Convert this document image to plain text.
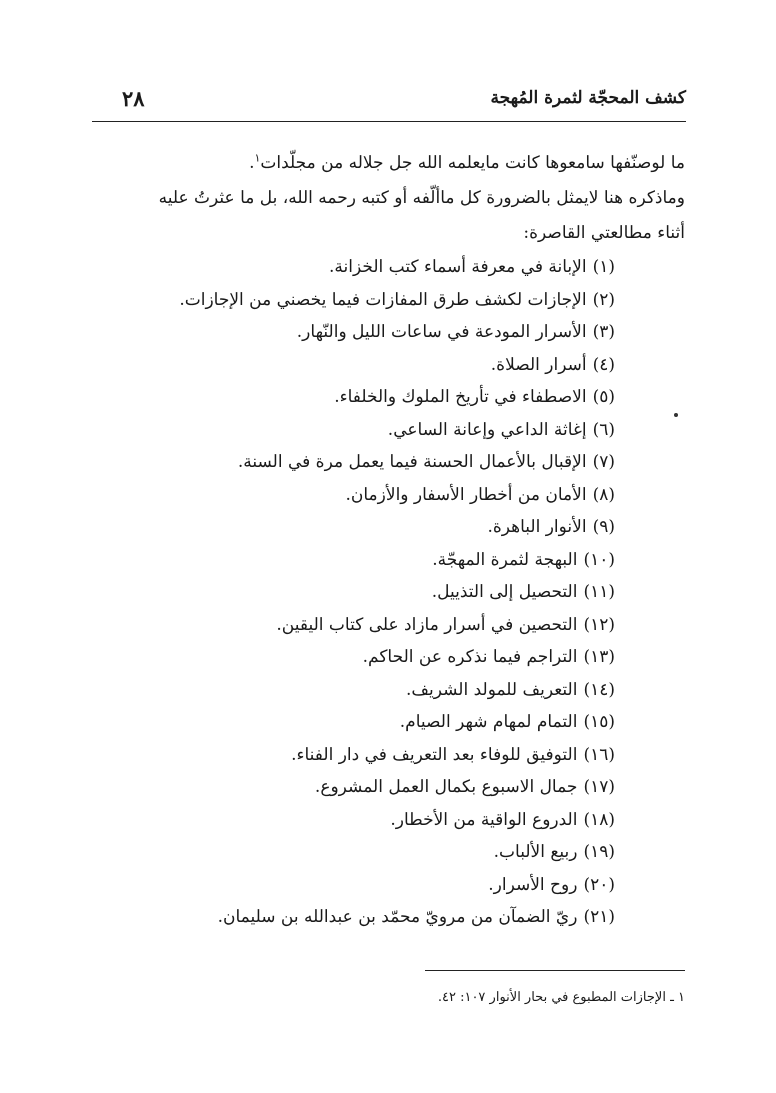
٢٨	كشف المحجّة لثمرة المُهجة
ما لوصنّفها سامعوها كانت مايعلمه الله جل جلاله من مجلّدات$^١$.
وماذكره هنا لايمثل بالضرورة كل ماألّفه أو كتبه رحمه الله، بل ما عثرتُ عليه
أثناء مطالعتي القاصرة:
(١)الإبانة في معرفة أسماء كتب الخزانة.
(٢)الإجازات لكشف طرق المفازات فيما يخصني من الإجازات.
(٣)الأسرار المودعة في ساعات الليل والنّهار.
(٤)أسرار الصلاة.
(٥)الاصطفاء في تأريخ الملوك والخلفاء.
(٦)إغاثة الداعي وإعانة الساعي.
(٧)الإقبال بالأعمال الحسنة فيما يعمل مرة في السنة.
(٨)الأمان من أخطار الأسفار والأزمان.
(٩)الأنوار الباهرة.
(١٠)البهجة لثمرة المهجّة.
(١١)التحصيل إلى التذييل.
(١٢)التحصين في أسرار مازاد على كتاب اليقين.
(١٣)التراجم فيما نذكره عن الحاكم.
(١٤)التعريف للمولد الشريف.
(١٥)التمام لمهام شهر الصيام.
(١٦)التوفيق للوفاء بعد التعريف في دار الفناء.
(١٧)جمال الاسبوع بكمال العمل المشروع.
(١٨)الدروع الواقية من الأخطار.
(١٩)ربيع الألباب.
(٢٠)روح الأسرار.
(٢١)ريّ الضمآن من مرويّ محمّد بن عبدالله بن سليمان.
١ ـ الإجازات المطبوع في بحار الأنوار ١٠٧: ٤٢.
